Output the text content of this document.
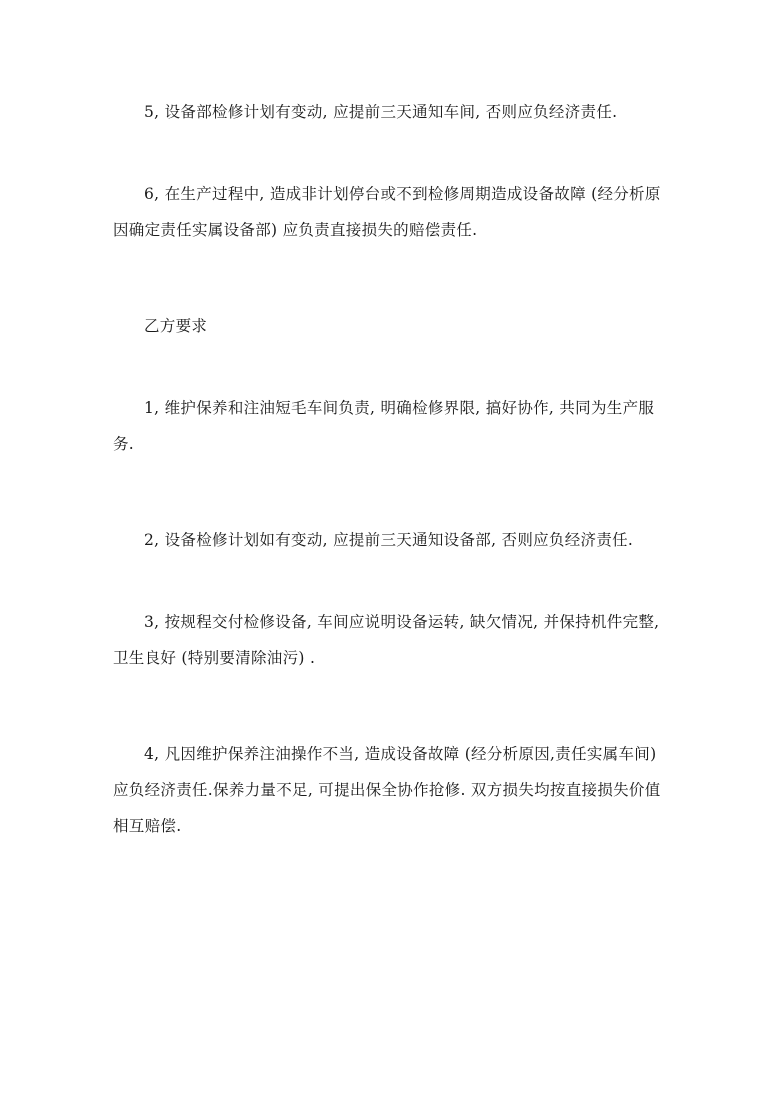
5, 设备部检修计划有变动, 应提前三天通知车间, 否则应负经济责任.

6, 在生产过程中, 造成非计划停台或不到检修周期造成设备故障 (经分析原因确定责任实属设备部) 应负责直接损失的赔偿责任.

乙方要求

1, 维护保养和注油短毛车间负责, 明确检修界限, 搞好协作, 共同为生产服务.

2, 设备检修计划如有变动, 应提前三天通知设备部, 否则应负经济责任.

3, 按规程交付检修设备, 车间应说明设备运转, 缺欠情况, 并保持机件完整, 卫生良好 (特别要清除油污) .

4, 凡因维护保养注油操作不当, 造成设备故障 (经分析原因,责任实属车间) 应负经济责任.保养力量不足, 可提出保全协作抢修. 双方损失均按直接损失价值相互赔偿.
